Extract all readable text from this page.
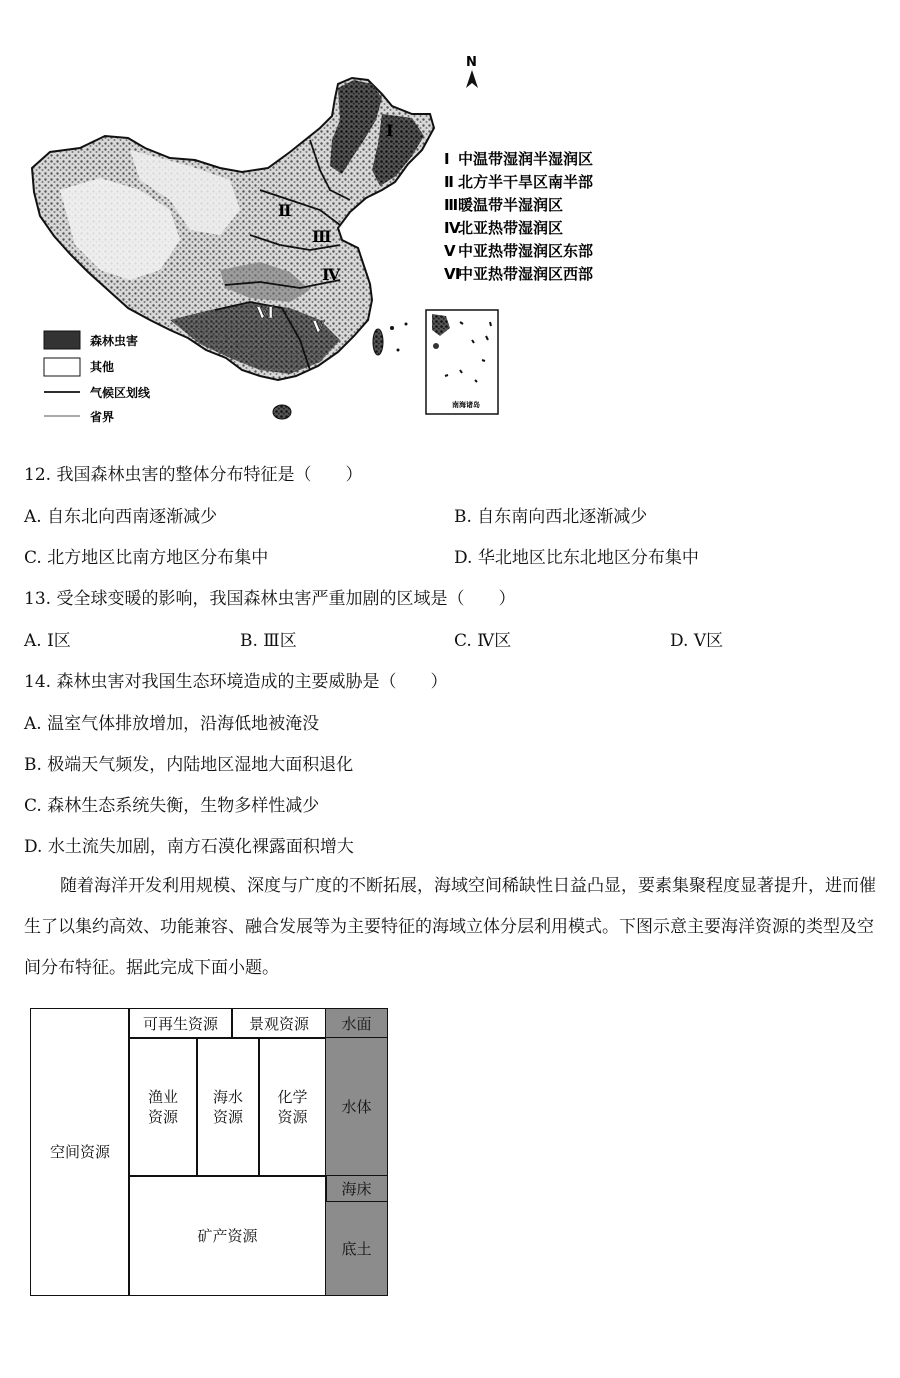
Ⅰ
Ⅱ
Ⅲ
Ⅳ
Ⅵ
Ⅴ
N
南海诸岛
森林虫害
其他
气候区划线
省界
Ⅰ 中温带湿润半湿润区
Ⅱ 北方半干旱区南半部
Ⅲ 暖温带半湿润区
Ⅳ
北亚热带湿润区
Ⅴ 中亚热带湿润区东部
Ⅵ
中亚热带湿润区西部
12. 我国森林虫害的整体分布特征是（　　）
A. 自东北向西南逐渐减少	B. 自东南向西北逐渐减少
C. 北方地区比南方地区分布集中	D. 华北地区比东北地区分布集中
13. 受全球变暖的影响，我国森林虫害严重加剧的区域是（　　）
A. Ⅰ区	B. Ⅲ区	C. Ⅳ区	D. Ⅴ区
14. 森林虫害对我国生态环境造成的主要威胁是（　　）
A. 温室气体排放增加，沿海低地被淹没
B. 极端天气频发，内陆地区湿地大面积退化
C. 森林生态系统失衡，生物多样性减少
D. 水土流失加剧，南方石漠化裸露面积增大
随着海洋开发利用规模、深度与广度的不断拓展，海域空间稀缺性日益凸显，要素集聚程度显著提升，进而催生了以集约高效、功能兼容、融合发展等为主要特征的海域立体分层利用模式。下图示意主要海洋资源的类型及空间分布特征。据此完成下面小题。
空间资源
可再生资源 景观资源 水面
渔业
资源
海水
资源
化学
资源
水体
海床
矿产资源
底土
